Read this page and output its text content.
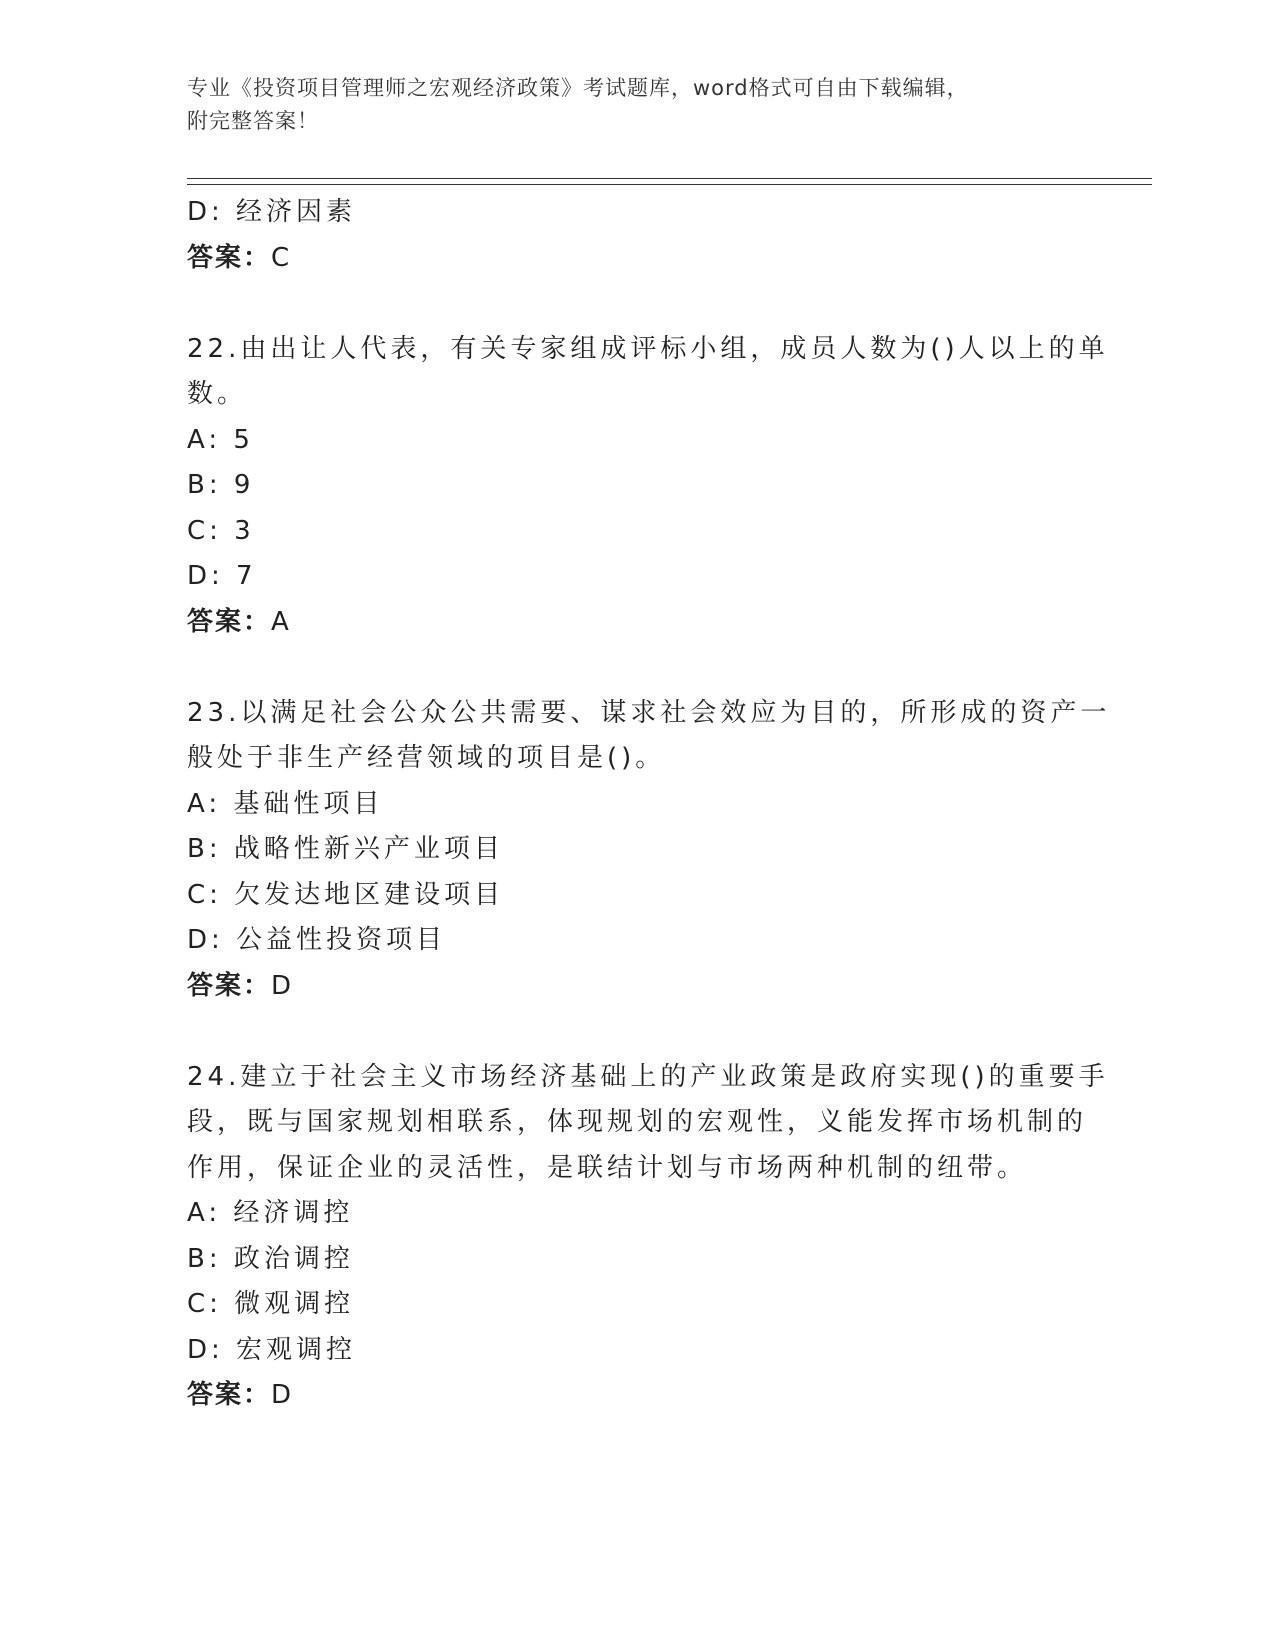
专业《投资项目管理师之宏观经济政策》考试题库，word格式可自由下载编辑，
附完整答案！
D: 经济因素
答案：C
22.由出让人代表，有关专家组成评标小组，成员人数为()人以上的单
数。
A: 5
B: 9
C: 3
D: 7
答案：A
23.以满足社会公众公共需要、谋求社会效应为目的，所形成的资产一
般处于非生产经营领域的项目是()。
A: 基础性项目
B: 战略性新兴产业项目
C: 欠发达地区建设项目
D: 公益性投资项目
答案：D
24.建立于社会主义市场经济基础上的产业政策是政府实现()的重要手
段，既与国家规划相联系，体现规划的宏观性，义能发挥市场机制的
作用，保证企业的灵活性，是联结计划与市场两种机制的纽带。
A: 经济调控
B: 政治调控
C: 微观调控
D: 宏观调控
答案：D
